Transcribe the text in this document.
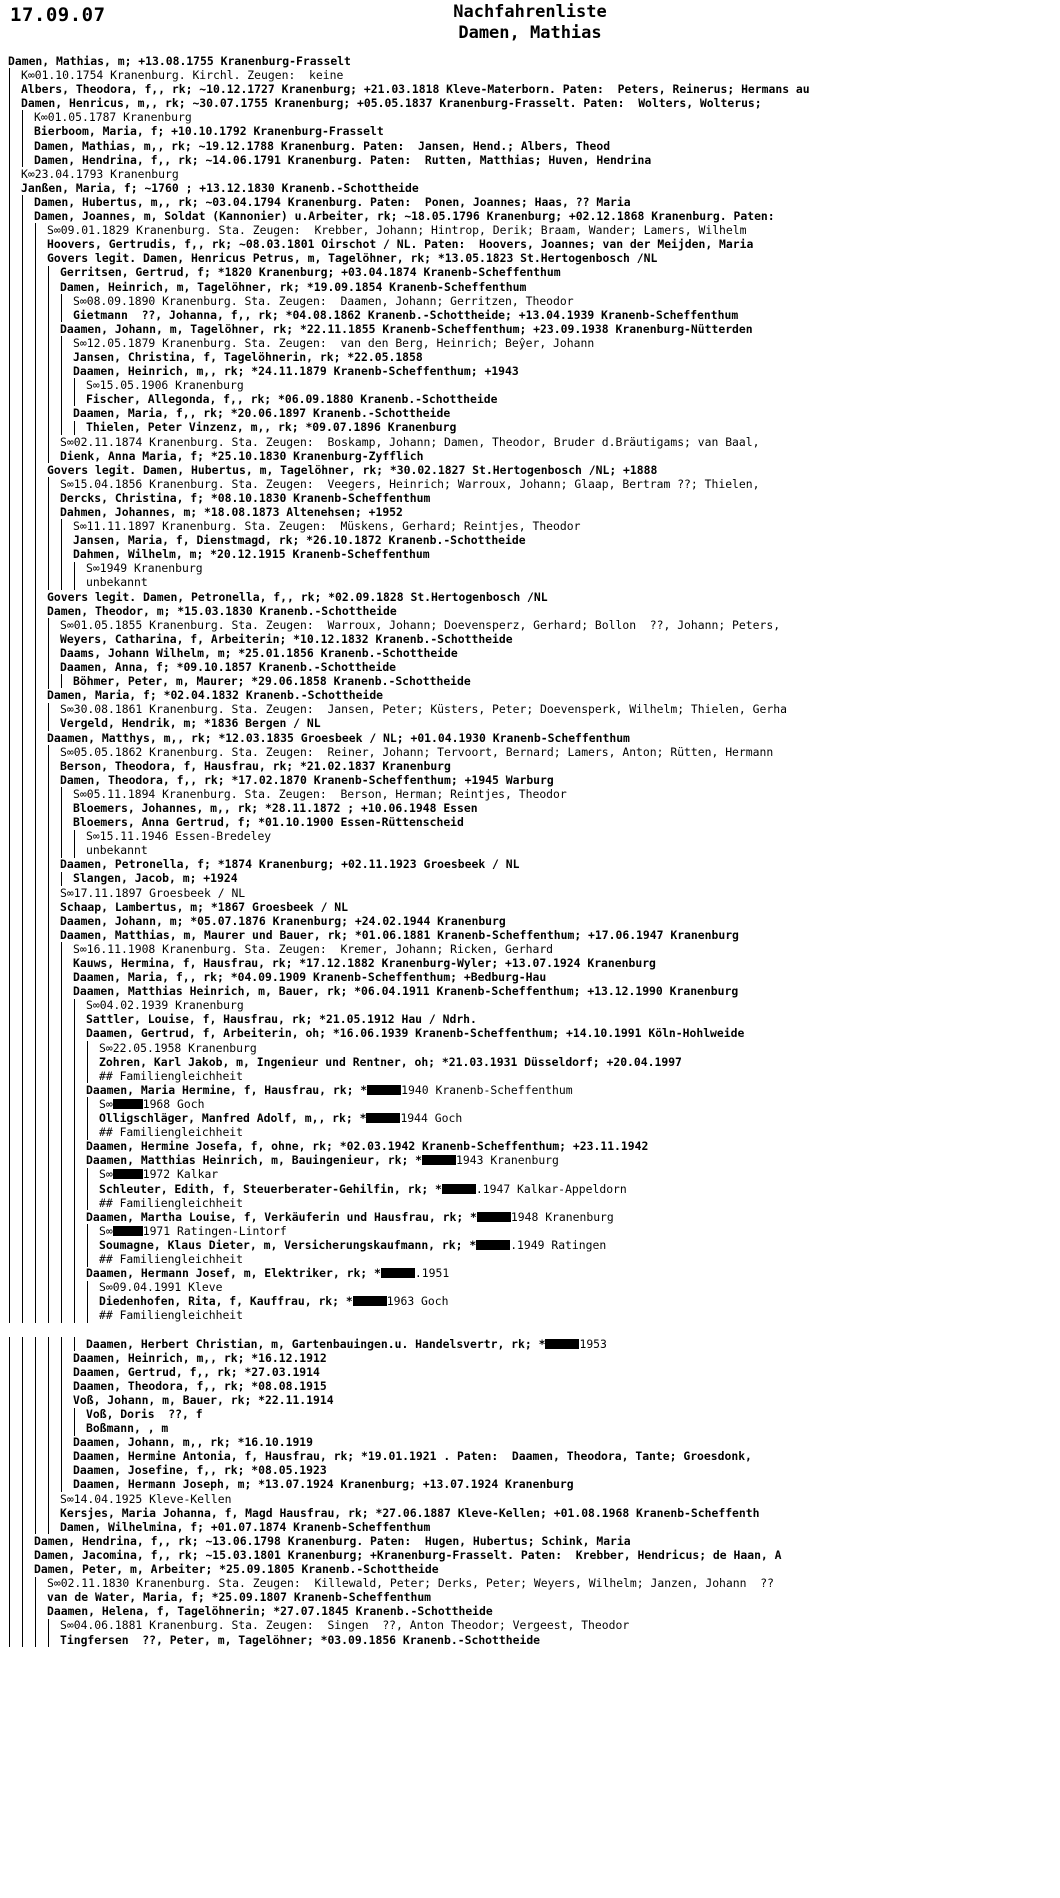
17.09.07	Nachfahrenliste
Damen, Mathias
Damen, Mathias, m; +13.08.1755 Kranenburg-Frasselt
K∞01.10.1754 Kranenburg. Kirchl. Zeugen:  keine
Albers, Theodora, f,, rk; ~10.12.1727 Kranenburg; +21.03.1818 Kleve-Materborn. Paten:  Peters, Reinerus; Hermans au
Damen, Henricus, m,, rk; ~30.07.1755 Kranenburg; +05.05.1837 Kranenburg-Frasselt. Paten:  Wolters, Wolterus;
K∞01.05.1787 Kranenburg
Bierboom, Maria, f; +10.10.1792 Kranenburg-Frasselt
Damen, Mathias, m,, rk; ~19.12.1788 Kranenburg. Paten:  Jansen, Hend.; Albers, Theod
Damen, Hendrina, f,, rk; ~14.06.1791 Kranenburg. Paten:  Rutten, Matthias; Huven, Hendrina
K∞23.04.1793 Kranenburg
Janßen, Maria, f; ~1760 ; +13.12.1830 Kranenb.-Schottheide
Damen, Hubertus, m,, rk; ~03.04.1794 Kranenburg. Paten:  Ponen, Joannes; Haas, ?? Maria
Damen, Joannes, m, Soldat (Kannonier) u.Arbeiter, rk; ~18.05.1796 Kranenburg; +02.12.1868 Kranenburg. Paten:
S∞09.01.1829 Kranenburg. Sta. Zeugen:  Krebber, Johann; Hintrop, Derik; Braam, Wander; Lamers, Wilhelm
Hoovers, Gertrudis, f,, rk; ~08.03.1801 Oirschot / NL. Paten:  Hoovers, Joannes; van der Meijden, Maria
Govers legit. Damen, Henricus Petrus, m, Tagelöhner, rk; *13.05.1823 St.Hertogenbosch /NL
Gerritsen, Gertrud, f; *1820 Kranenburg; +03.04.1874 Kranenb-Scheffenthum
Damen, Heinrich, m, Tagelöhner, rk; *19.09.1854 Kranenb-Scheffenthum
S∞08.09.1890 Kranenburg. Sta. Zeugen:  Daamen, Johann; Gerritzen, Theodor
Gietmann  ??, Johanna, f,, rk; *04.08.1862 Kranenb.-Schottheide; +13.04.1939 Kranenb-Scheffenthum
Daamen, Johann, m, Tagelöhner, rk; *22.11.1855 Kranenb-Scheffenthum; +23.09.1938 Kranenburg-Nütterden
S∞12.05.1879 Kranenburg. Sta. Zeugen:  van den Berg, Heinrich; Beŷer, Johann
Jansen, Christina, f, Tagelöhnerin, rk; *22.05.1858
Daamen, Heinrich, m,, rk; *24.11.1879 Kranenb-Scheffenthum; +1943
S∞15.05.1906 Kranenburg
Fischer, Allegonda, f,, rk; *06.09.1880 Kranenb.-Schottheide
Daamen, Maria, f,, rk; *20.06.1897 Kranenb.-Schottheide
Thielen, Peter Vinzenz, m,, rk; *09.07.1896 Kranenburg
S∞02.11.1874 Kranenburg. Sta. Zeugen:  Boskamp, Johann; Damen, Theodor, Bruder d.Bräutigams; van Baal,
Dienk, Anna Maria, f; *25.10.1830 Kranenburg-Zyfflich
Govers legit. Damen, Hubertus, m, Tagelöhner, rk; *30.02.1827 St.Hertogenbosch /NL; +1888
S∞15.04.1856 Kranenburg. Sta. Zeugen:  Veegers, Heinrich; Warroux, Johann; Glaap, Bertram ??; Thielen,
Dercks, Christina, f; *08.10.1830 Kranenb-Scheffenthum
Dahmen, Johannes, m; *18.08.1873 Altenehsen; +1952
S∞11.11.1897 Kranenburg. Sta. Zeugen:  Müskens, Gerhard; Reintjes, Theodor
Jansen, Maria, f, Dienstmagd, rk; *26.10.1872 Kranenb.-Schottheide
Dahmen, Wilhelm, m; *20.12.1915 Kranenb-Scheffenthum
S∞1949 Kranenburg
unbekannt
Govers legit. Damen, Petronella, f,, rk; *02.09.1828 St.Hertogenbosch /NL
Damen, Theodor, m; *15.03.1830 Kranenb.-Schottheide
S∞01.05.1855 Kranenburg. Sta. Zeugen:  Warroux, Johann; Doevensperz, Gerhard; Bollon  ??, Johann; Peters,
Weyers, Catharina, f, Arbeiterin; *10.12.1832 Kranenb.-Schottheide
Daams, Johann Wilhelm, m; *25.01.1856 Kranenb.-Schottheide
Daamen, Anna, f; *09.10.1857 Kranenb.-Schottheide
Böhmer, Peter, m, Maurer; *29.06.1858 Kranenb.-Schottheide
Damen, Maria, f; *02.04.1832 Kranenb.-Schottheide
S∞30.08.1861 Kranenburg. Sta. Zeugen:  Jansen, Peter; Küsters, Peter; Doevensperk, Wilhelm; Thielen, Gerha
Vergeld, Hendrik, m; *1836 Bergen / NL
Daamen, Matthys, m,, rk; *12.03.1835 Groesbeek / NL; +01.04.1930 Kranenb-Scheffenthum
S∞05.05.1862 Kranenburg. Sta. Zeugen:  Reiner, Johann; Tervoort, Bernard; Lamers, Anton; Rütten, Hermann
Berson, Theodora, f, Hausfrau, rk; *21.02.1837 Kranenburg
Damen, Theodora, f,, rk; *17.02.1870 Kranenb-Scheffenthum; +1945 Warburg
S∞05.11.1894 Kranenburg. Sta. Zeugen:  Berson, Herman; Reintjes, Theodor
Bloemers, Johannes, m,, rk; *28.11.1872 ; +10.06.1948 Essen
Bloemers, Anna Gertrud, f; *01.10.1900 Essen-Rüttenscheid
S∞15.11.1946 Essen-Bredeley
unbekannt
Daamen, Petronella, f; *1874 Kranenburg; +02.11.1923 Groesbeek / NL
Slangen, Jacob, m; +1924
S∞17.11.1897 Groesbeek / NL
Schaap, Lambertus, m; *1867 Groesbeek / NL
Daamen, Johann, m; *05.07.1876 Kranenburg; +24.02.1944 Kranenburg
Daamen, Matthias, m, Maurer und Bauer, rk; *01.06.1881 Kranenb-Scheffenthum; +17.06.1947 Kranenburg
S∞16.11.1908 Kranenburg. Sta. Zeugen:  Kremer, Johann; Ricken, Gerhard
Kauws, Hermina, f, Hausfrau, rk; *17.12.1882 Kranenburg-Wyler; +13.07.1924 Kranenburg
Daamen, Maria, f,, rk; *04.09.1909 Kranenb-Scheffenthum; +Bedburg-Hau
Daamen, Matthias Heinrich, m, Bauer, rk; *06.04.1911 Kranenb-Scheffenthum; +13.12.1990 Kranenburg
S∞04.02.1939 Kranenburg
Sattler, Louise, f, Hausfrau, rk; *21.05.1912 Hau / Ndrh.
Daamen, Gertrud, f, Arbeiterin, oh; *16.06.1939 Kranenb-Scheffenthum; +14.10.1991 Köln-Hohlweide
S∞22.05.1958 Kranenburg
Zohren, Karl Jakob, m, Ingenieur und Rentner, oh; *21.03.1931 Düsseldorf; +20.04.1997
## Familiengleichheit
Daamen, Maria Hermine, f, Hausfrau, rk; *	1940 Kranenb-Scheffenthum
S∞	1968 Goch
Olligschläger, Manfred Adolf, m,, rk; *	1944 Goch
## Familiengleichheit
Daamen, Hermine Josefa, f, ohne, rk; *02.03.1942 Kranenb-Scheffenthum; +23.11.1942
Daamen, Matthias Heinrich, m, Bauingenieur, rk; *	1943 Kranenburg
S∞	1972 Kalkar
Schleuter, Edith, f, Steuerberater-Gehilfin, rk; *	.1947 Kalkar-Appeldorn
## Familiengleichheit
Daamen, Martha Louise, f, Verkäuferin und Hausfrau, rk; *	1948 Kranenburg
S∞	1971 Ratingen-Lintorf
Soumagne, Klaus Dieter, m, Versicherungskaufmann, rk; *	.1949 Ratingen
## Familiengleichheit
Daamen, Hermann Josef, m, Elektriker, rk; *	.1951
S∞09.04.1991 Kleve
Diedenhofen, Rita, f, Kauffrau, rk; *	1963 Goch
## Familiengleichheit
Daamen, Herbert Christian, m, Gartenbauingen.u. Handelsvertr, rk; *	1953
Daamen, Heinrich, m,, rk; *16.12.1912
Daamen, Gertrud, f,, rk; *27.03.1914
Daamen, Theodora, f,, rk; *08.08.1915
Voß, Johann, m, Bauer, rk; *22.11.1914
Voß, Doris  ??, f
Boßmann, , m
Daamen, Johann, m,, rk; *16.10.1919
Daamen, Hermine Antonia, f, Hausfrau, rk; *19.01.1921 . Paten:  Daamen, Theodora, Tante; Groesdonk,
Daamen, Josefine, f,, rk; *08.05.1923
Daamen, Hermann Joseph, m; *13.07.1924 Kranenburg; +13.07.1924 Kranenburg
S∞14.04.1925 Kleve-Kellen
Kersjes, Maria Johanna, f, Magd Hausfrau, rk; *27.06.1887 Kleve-Kellen; +01.08.1968 Kranenb-Scheffenth
Damen, Wilhelmina, f; +01.07.1874 Kranenb-Scheffenthum
Damen, Hendrina, f,, rk; ~13.06.1798 Kranenburg. Paten:  Hugen, Hubertus; Schink, Maria
Damen, Jacomina, f,, rk; ~15.03.1801 Kranenburg; +Kranenburg-Frasselt. Paten:  Krebber, Hendricus; de Haan, A
Damen, Peter, m, Arbeiter; *25.09.1805 Kranenb.-Schottheide
S∞02.11.1830 Kranenburg. Sta. Zeugen:  Killewald, Peter; Derks, Peter; Weyers, Wilhelm; Janzen, Johann  ??
van de Water, Maria, f; *25.09.1807 Kranenb-Scheffenthum
Daamen, Helena, f, Tagelöhnerin; *27.07.1845 Kranenb.-Schottheide
S∞04.06.1881 Kranenburg. Sta. Zeugen:  Singen  ??, Anton Theodor; Vergeest, Theodor
Tingfersen  ??, Peter, m, Tagelöhner; *03.09.1856 Kranenb.-Schottheide
